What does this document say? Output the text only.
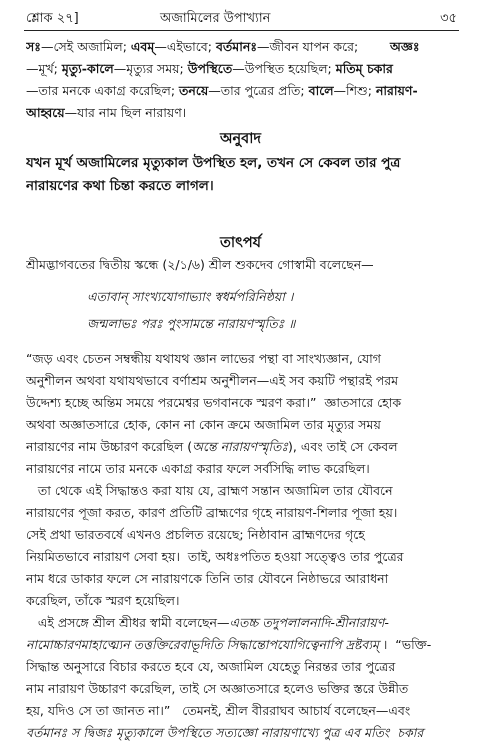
শ্লোক ২৭]	অজামিলের উপাখ্যান	৩৫
সঃ—সেই অজামিল; এবম্—এইভাবে; বর্তমানঃ—জীবন যাপন করে;        অজ্ঞঃ
—মূর্খ; মৃত্যু-কালে—মৃত্যুর সময়; উপস্থিতে—উপস্থিত হয়েছিল; মতিম্ চকার
—তার মনকে একাগ্র করেছিল; তনয়ে—তার পুত্রের প্রতি; বালে—শিশু; নারায়ণ-
আহ্বয়ে—যার নাম ছিল নারায়ণ।
অনুবাদ
যখন মূর্খ অজামিলের মৃত্যুকাল উপস্থিত হল, তখন সে কেবল তার পুত্র
নারায়ণের কথা চিন্তা করতে লাগল।
তাৎপর্য
শ্রীমদ্ভাগবতের দ্বিতীয় স্কন্ধে (২/১/৬) শ্রীল শুকদেব গোস্বামী বলেছেন—
এতাবান্ সাংখ্যযোগাভ্যাং স্বধর্মপরিনিষ্ঠয়া ।
জন্মলাভঃ পরঃ পুংসামন্তে নারায়ণস্মৃতিঃ ॥
“জড় এবং চেতন সম্বন্ধীয় যথাযথ জ্ঞান লাভের পন্থা বা সাংখ্যজ্ঞান, যোগ
অনুশীলন অথবা যথাযথভাবে বর্ণাশ্রম অনুশীলন—এই সব কয়টি পন্থারই পরম
উদ্দেশ্য হচ্ছে অন্তিম সময়ে পরমেশ্বর ভগবানকে স্মরণ করা।”  জ্ঞাতসারে হোক
অথবা অজ্ঞাতসারে হোক, কোন না কোন ক্রমে অজামিল তার মৃত্যুর সময়
নারায়ণের নাম উচ্চারণ করেছিল (অন্তে নারায়ণস্মৃতিঃ), এবং তাই সে কেবল
নারায়ণের নামে তার মনকে একাগ্র করার ফলে সর্বসিদ্ধি লাভ করেছিল।
তা থেকে এই সিদ্ধান্তও করা যায় যে, ব্রাহ্মণ সন্তান অজামিল তার যৌবনে
নারায়ণের পূজা করত, কারণ প্রতিটি ব্রাহ্মণের গৃহে নারায়ণ-শিলার পূজা হয়।
সেই প্রথা ভারতবর্ষে এখনও প্রচলিত রয়েছে; নিষ্ঠাবান ব্রাহ্মণদের গৃহে
নিয়মিতভাবে নারায়ণ সেবা হয়।  তাই, অধঃপতিত হওয়া সত্ত্বেও তার পুত্রের
নাম ধরে ডাকার ফলে সে নারায়ণকে তিনি তার যৌবনে নিষ্ঠাভরে আরাধনা
করেছিল, তাঁকে স্মরণ হয়েছিল।
এই প্রসঙ্গে শ্রীল শ্রীধর স্বামী বলেছেন—এতচ্চ তদুপলালনাদি-শ্রীনারায়ণ-
নামোচ্চারণমাহাত্ম্যেন তত্তক্তিরেবাভূদিতি সিদ্ধান্তোপযোগিত্বেনাপি দ্রষ্টব্যম্ ।  “ভক্তি-
সিদ্ধান্ত অনুসারে বিচার করতে হবে যে, অজামিল যেহেতু নিরন্তর তার পুত্রের
নাম নারায়ণ উচ্চারণ করেছিল, তাই সে অজ্ঞাতসারে হলেও ভক্তির স্তরে উন্নীত
হয়, যদিও সে তা জানত না।”   তেমনই, শ্রীল বীররাঘব আচার্য বলেছেন—এবং
বর্তমানঃ স দ্বিজঃ মৃত্যুকালে উপস্থিতে সত্যজ্ঞো নারায়ণাখ্যে পুত্র এব মতিং  চকার
